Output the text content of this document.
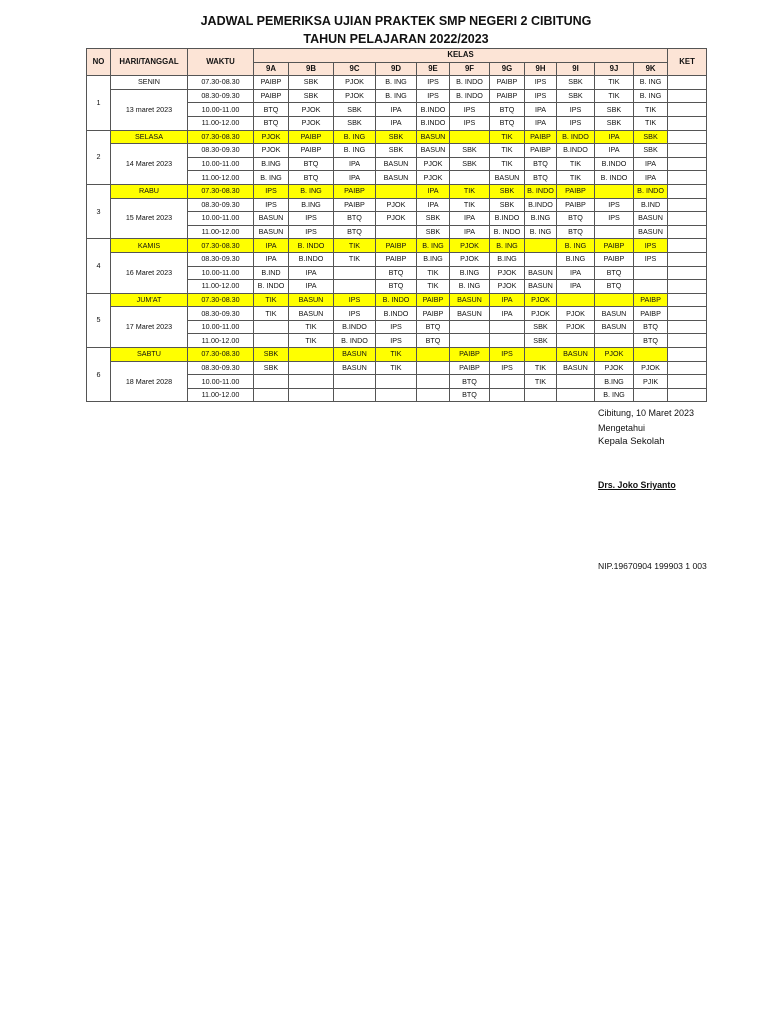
JADWAL PEMERIKSA UJIAN PRAKTEK SMP NEGERI 2 CIBITUNG
TAHUN PELAJARAN 2022/2023
NO	HARI/TANGGAL	WAKTU	KELAS											KET
			9A	9B	9C	9D	9E	9F	9G	9H	9I	9J	9K	
1	SENIN	07.30-08.30	PAIBP	SBK	PJOK	B. ING	IPS	B. INDO	PAIBP	IPS	SBK	TIK	B. ING	
	13 maret 2023	08.30-09.30	PAIBP	SBK	PJOK	B. ING	IPS	B. INDO	PAIBP	IPS	SBK	TIK	B. ING	
		10.00-11.00	BTQ	PJOK	SBK	IPA	B.INDO	IPS	BTQ	IPA	IPS	SBK	TIK	
		11.00-12.00	BTQ	PJOK	SBK	IPA	B.INDO	IPS	BTQ	IPA	IPS	SBK	TIK	
2	SELASA	07.30-08.30	PJOK	PAIBP	B. ING	SBK	BASUN		TIK	PAIBP	B. INDO	IPA	SBK	
	14 Maret 2023	08.30-09.30	PJOK	PAIBP	B. ING	SBK	BASUN	SBK	TIK	PAIBP	B.INDO	IPA	SBK	
		10.00-11.00	B.ING	BTQ	IPA	BASUN	PJOK	SBK	TIK	BTQ	TIK	B.INDO	IPA	
		11.00-12.00	B. ING	BTQ	IPA	BASUN	PJOK		BASUN	BTQ	TIK	B. INDO	IPA	
3	RABU	07.30-08.30	IPS	B. ING	PAIBP		IPA	TIK	SBK	B. INDO	PAIBP		B. INDO	
	15 Maret 2023	08.30-09.30	IPS	B.ING	PAIBP	PJOK	IPA	TIK	SBK	B.INDO	PAIBP	IPS	B.IND	
		10.00-11.00	BASUN	IPS	BTQ	PJOK	SBK	IPA	B.INDO	B.ING	BTQ	IPS	BASUN	
		11.00-12.00	BASUN	IPS	BTQ		SBK	IPA	B. INDO	B. ING	BTQ		BASUN	
4	KAMIS	07.30-08.30	IPA	B. INDO	TIK	PAIBP	B. ING	PJOK	B. ING		B. ING	PAIBP	IPS	
	16 Maret 2023	08.30-09.30	IPA	B.INDO	TIK	PAIBP	B.ING	PJOK	B.ING		B.ING	PAIBP	IPS	
		10.00-11.00	B.IND	IPA		BTQ	TIK	B.ING	PJOK	BASUN	IPA	BTQ		
		11.00-12.00	B. INDO	IPA		BTQ	TIK	B. ING	PJOK	BASUN	IPA	BTQ		
5	JUM'AT	07.30-08.30	TIK	BASUN	IPS	B. INDO	PAIBP	BASUN	IPA	PJOK			PAIBP	
	17 Maret 2023	08.30-09.30	TIK	BASUN	IPS	B.INDO	PAIBP	BASUN	IPA	PJOK	PJOK	BASUN	PAIBP	
		10.00-11.00		TIK	B.INDO	IPS	BTQ			SBK	PJOK	BASUN	BTQ	
		11.00-12.00		TIK	B. INDO	IPS	BTQ			SBK			BTQ	
6	SABTU	07.30-08.30	SBK		BASUN	TIK		PAIBP	IPS		BASUN	PJOK		
	18 Maret 2028	08.30-09.30	SBK		BASUN	TIK		PAIBP	IPS	TIK	BASUN	PJOK	PJOK	
		10.00-11.00						BTQ		TIK		B.ING	PJIK	
		11.00-12.00						BTQ				B. ING		
Cibitung, 10 Maret 2023
Mengetahui
Kepala Sekolah
Drs. Joko Sriyanto
NIP.19670904 199903 1 003
